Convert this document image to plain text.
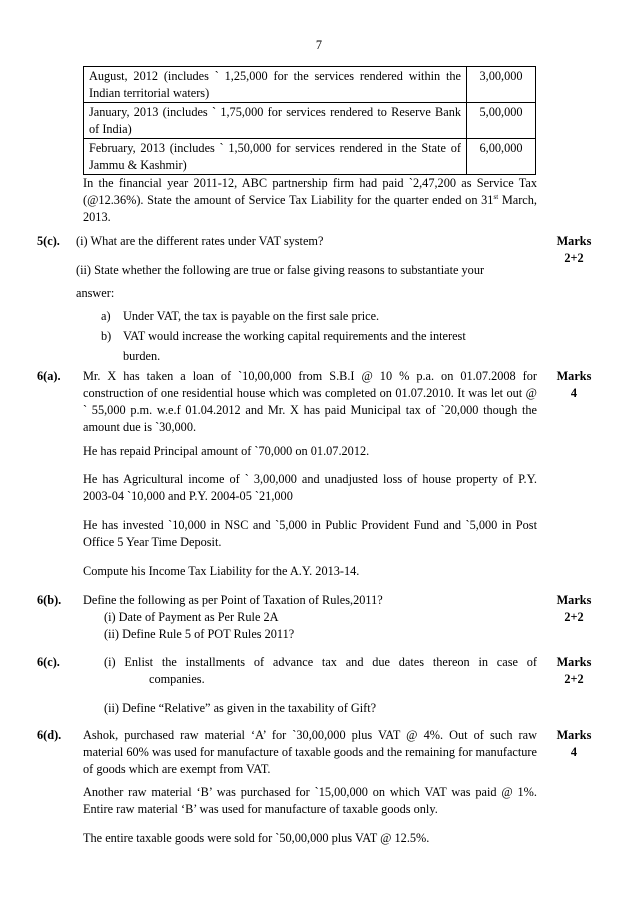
7
August, 2012 (includes ` 1,25,000 for the services rendered within the Indian territorial waters)	3,00,000
January, 2013 (includes ` 1,75,000 for services rendered to Reserve Bank of India)	5,00,000
February, 2013 (includes ` 1,50,000 for services rendered in the State of Jammu & Kashmir)	6,00,000
In the financial year 2011-12, ABC partnership firm had paid `2,47,200 as Service Tax (@12.36%). State the amount of Service Tax Liability for the quarter ended on 31st March, 2013.
5(c). (i) What are the different rates under VAT system?	Marks
2+2
(ii) State whether the following are true or false giving reasons to substantiate your
answer:
a)	Under VAT, the tax is payable on the first sale price.
b) VAT would increase the working capital requirements and the interest
burden.
6(a). Mr. X has taken a loan of `10,00,000 from S.B.I @ 10 % p.a. on 01.07.2008 for construction of one residential house which was completed on 01.07.2010. It was let out @ ` 55,000 p.m. w.e.f 01.04.2012 and Mr. X has paid Municipal tax of `20,000 though the amount due is `30,000.
Marks
4
He has repaid Principal amount of `70,000 on 01.07.2012.
He has Agricultural income of ` 3,00,000 and unadjusted loss of house property of P.Y. 2003-04 `10,000 and P.Y. 2004-05 `21,000
He has invested `10,000 in NSC and `5,000 in Public Provident Fund and `5,000 in Post Office 5 Year Time Deposit.
Compute his Income Tax Liability for the A.Y. 2013-14.
6(b). Define the following as per Point of Taxation of Rules,2011?
(i) Date of Payment as Per Rule 2A
(ii) Define Rule 5 of POT Rules 2011?
Marks
2+2
6(c).	(i) Enlist the installments of advance tax and due dates thereon in case of
companies.
(ii) Define “Relative” as given in the taxability of Gift?
Marks
2+2
6(d). Ashok, purchased raw material ‘A’ for `30,00,000 plus VAT @ 4%. Out of such raw material 60% was used for manufacture of taxable goods and the remaining for manufacture of goods which are exempt from VAT.
Marks
4
Another raw material ‘B’ was purchased for `15,00,000 on which VAT was paid @ 1%. Entire raw material ‘B’ was used for manufacture of taxable goods only.
The entire taxable goods were sold for `50,00,000 plus VAT @ 12.5%.
